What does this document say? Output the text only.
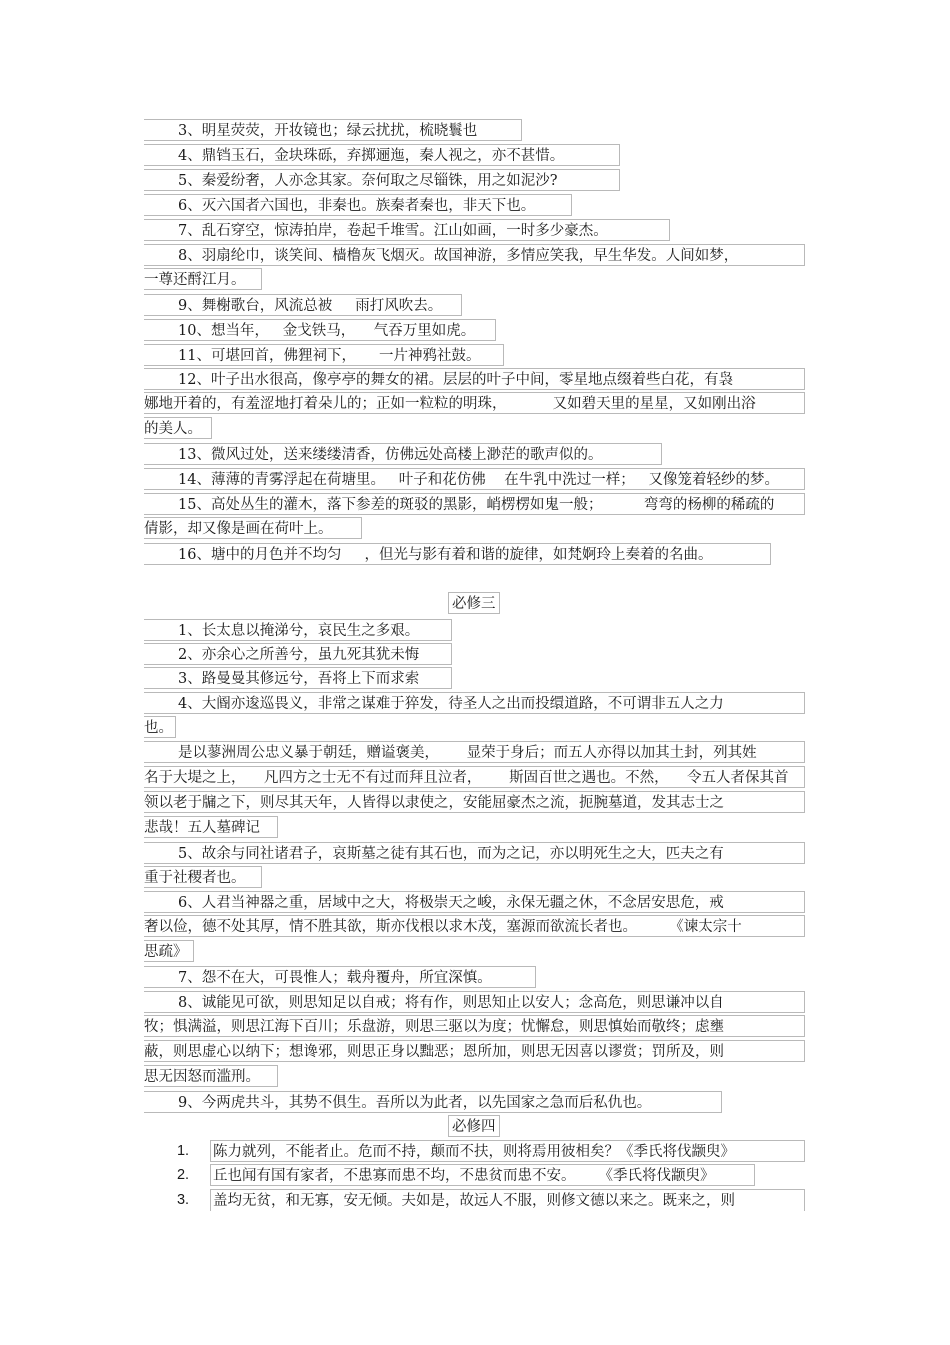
3、明星荧荧，开妆镜也；绿云扰扰，梳晓鬟也
4、鼎铛玉石，金块珠砾，弃掷逦迤，秦人视之，亦不甚惜。
5、秦爱纷奢，人亦念其家。奈何取之尽锱铢，用之如泥沙?
6、灭六国者六国也，非秦也。族秦者秦也，非天下也。
7、乱石穿空，惊涛拍岸，卷起千堆雪。江山如画，一时多少豪杰。
8、羽扇纶巾，谈笑间、樯橹灰飞烟灭。故国神游，多情应笑我，早生华发。人间如梦，
一尊还酹江月。
9、舞榭歌台，风流总被     雨打风吹去。
10、想当年，   金戈铁马，    气吞万里如虎。
11、可堪回首，佛狸祠下，     一片神鸦社鼓。
12、叶子出水很高，像亭亭的舞女的裙。层层的叶子中间，零星地点缀着些白花，有袅
娜地开着的，有羞涩地打着朵儿的；正如一粒粒的明珠，          又如碧天里的星星，又如刚出浴
的美人。
13、微风过处，送来缕缕清香，仿佛远处高楼上渺茫的歌声似的。
14、薄薄的青雾浮起在荷塘里。   叶子和花仿佛    在牛乳中洗过一样；   又像笼着轻纱的梦。
15、高处丛生的灌木，落下参差的斑驳的黑影，峭楞楞如鬼一般；         弯弯的杨柳的稀疏的
倩影，却又像是画在荷叶上。
16、塘中的月色并不均匀     ，但光与影有着和谐的旋律，如梵婀玲上奏着的名曲。
必修三
1、长太息以掩涕兮，哀民生之多艰。
2、亦余心之所善兮，虽九死其犹未悔
3、路曼曼其修远兮，吾将上下而求索
4、大阍亦逡巡畏义，非常之谋难于猝发，待圣人之出而投缳道路，不可谓非五人之力
也。
是以蓼洲周公忠义暴于朝廷，赠谥褒美，      显荣于身后；而五人亦得以加其土封，列其姓
名于大堤之上，    凡四方之士无不有过而拜且泣者，      斯固百世之遇也。不然，    令五人者保其首
领以老于牖之下，则尽其天年，人皆得以隶使之，安能屈豪杰之流，扼腕墓道，发其志士之
悲哉！五人墓碑记
5、故余与同社诸君子，哀斯墓之徒有其石也，而为之记，亦以明死生之大，匹夫之有
重于社稷者也。
6、人君当神器之重，居域中之大，将极崇天之峻，永保无疆之休，不念居安思危，戒
奢以俭，德不处其厚，情不胜其欲，斯亦伐根以求木茂，塞源而欲流长者也。       《谏太宗十
思疏》
7、怨不在大，可畏惟人；载舟覆舟，所宜深慎。
8、诚能见可欲，则思知足以自戒；将有作，则思知止以安人；念高危，则思谦冲以自
牧；惧满溢，则思江海下百川；乐盘游，则思三驱以为度；忧懈怠，则思慎始而敬终；虑壅
蔽，则思虚心以纳下；想谗邪，则思正身以黜恶；恩所加，则思无因喜以谬赏；罚所及，则
思无因怒而滥刑。
9、今两虎共斗，其势不俱生。吾所以为此者，以先国家之急而后私仇也。
必修四
1.	陈力就列，不能者止。危而不持，颠而不扶，则将焉用彼相矣？《季氏将伐颛臾》
2.	丘也闻有国有家者，不患寡而患不均，不患贫而患不安。     《季氏将伐颛臾》
3.	盖均无贫，和无寡，安无倾。夫如是，故远人不服，则修文德以来之。既来之，则
